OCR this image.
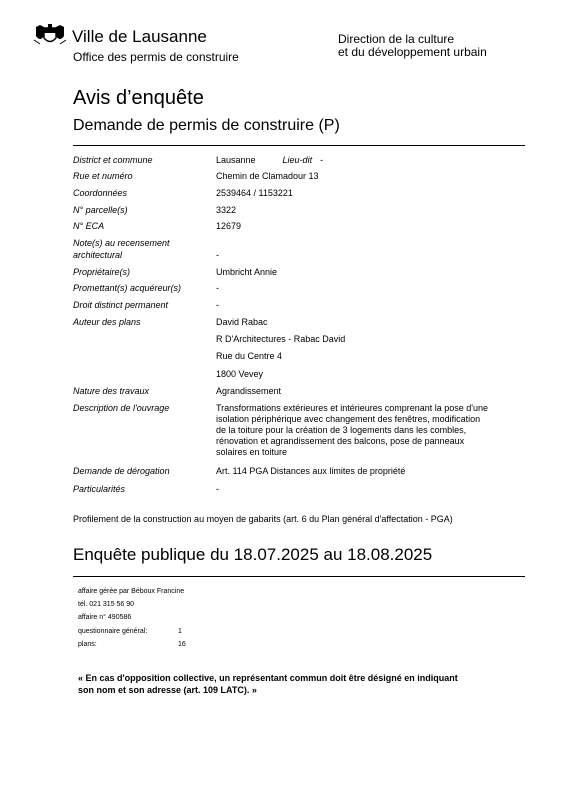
Ville de Lausanne
Office des permis de construire
Direction de la culture
et du développement urbain
Avis d’enquête
Demande de permis de construire (P)
District et commune	Lausanne	Lieu-dit -
Rue et numéro	Chemin de Clamadour 13
Coordonnées	2539464 / 1153221
N° parcelle(s)	3322
N° ECA	12679
Note(s) au recensement
architectural	-
Propriétaire(s)	Umbricht Annie
Promettant(s) acquéreur(s)	-
Droit distinct permanent	-
Auteur des plans	David Rabac
R D'Architectures - Rabac David
Rue du Centre 4
1800 Vevey
Nature des travaux	Agrandissement
Description de l'ouvrage	Transformations extérieures et intérieures comprenant la pose d'une
isolation périphérique avec changement des fenêtres, modification
de la toiture pour la création de 3 logements dans les combles,
rénovation et agrandissement des balcons, pose de panneaux
solaires en toiture
Demande de dérogation	Art. 114 PGA Distances aux limites de propriété
Particularités	-
Profilement de la construction au moyen de gabarits (art. 6 du Plan général d'affectation - PGA)
Enquête publique du 18.07.2025 au 18.08.2025
affaire gérée par Béboux Francine
tél. 021 315 56 90
affaire n° 490586
questionnaire général:	1
plans:	16
« En cas d'opposition collective, un représentant commun doit être désigné en indiquant
son nom et son adresse (art. 109 LATC). »
